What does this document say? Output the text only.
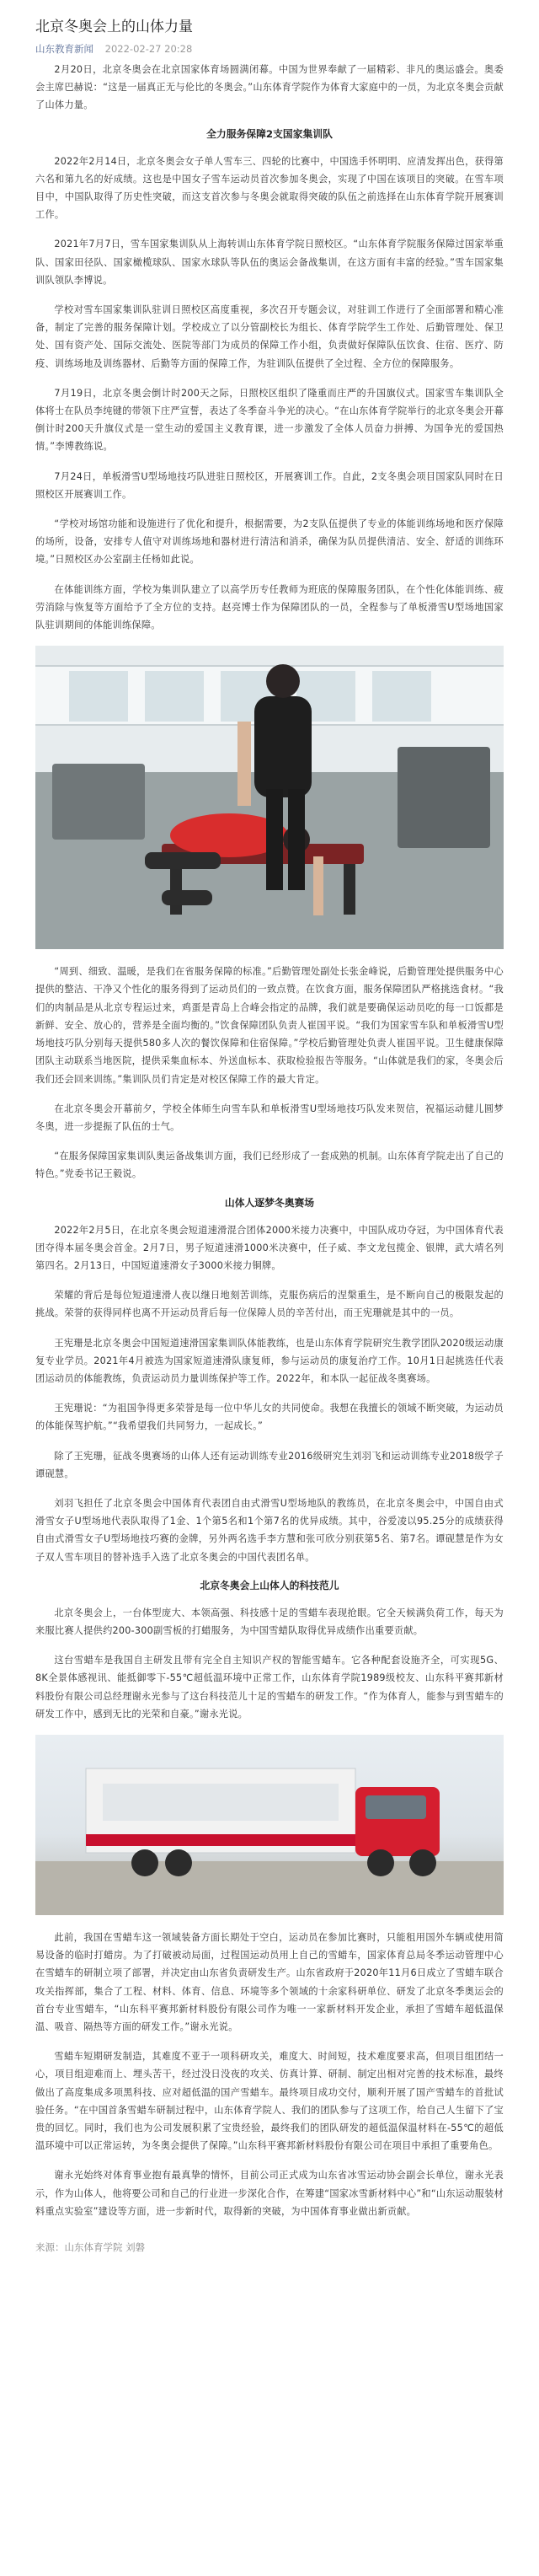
北京冬奥会上的山体力量
山东教育新闻 2022-02-27 20:28

2月20日，北京冬奥会在北京国家体育场圆满闭幕。中国为世界奉献了一届精彩、非凡的奥运盛会。奥委会主席巴赫说：“这是一届真正无与伦比的冬奥会。”山东体育学院作为体育大家庭中的一员，为北京冬奥会贡献了山体力量。

全力服务保障2支国家集训队

2022年2月14日，北京冬奥会女子单人雪车三、四轮的比赛中，中国选手怀明明、应清发挥出色，获得第六名和第九名的好成绩。这也是中国女子雪车运动员首次参加冬奥会，实现了中国在该项目的突破。在雪车项目中，中国队取得了历史性突破，而这支首次参与冬奥会就取得突破的队伍之前选择在山东体育学院开展赛训工作。

2021年7月7日，雪车国家集训队从上海转训山东体育学院日照校区。“山东体育学院服务保障过国家举重队、国家田径队、国家橄榄球队、国家水球队等队伍的奥运会备战集训，在这方面有丰富的经验。”雪车国家集训队领队李博说。

学校对雪车国家集训队驻训日照校区高度重视，多次召开专题会议，对驻训工作进行了全面部署和精心准备，制定了完善的服务保障计划。学校成立了以分管副校长为组长、体育学院学生工作处、后勤管理处、保卫处、国有资产处、国际交流处、医院等部门为成员的保障工作小组，负责做好保障队伍饮食、住宿、医疗、防疫、训练场地及训练器材、后勤等方面的保障工作，为驻训队伍提供了全过程、全方位的保障服务。

7月19日，北京冬奥会倒计时200天之际，日照校区组织了隆重而庄严的升国旗仪式。国家雪车集训队全体将士在队员李纯键的带领下庄严宣誓，表达了冬季奋斗争光的决心。“在山东体育学院举行的北京冬奥会开幕倒计时200天升旗仪式是一堂生动的爱国主义教育课，进一步激发了全体人员奋力拼搏、为国争光的爱国热情。”李博教练说。

7月24日，单板滑雪U型场地技巧队进驻日照校区，开展赛训工作。自此，2支冬奥会项目国家队同时在日照校区开展赛训工作。

“学校对场馆功能和设施进行了优化和提升，根据需要，为2支队伍提供了专业的体能训练场地和医疗保障的场所，设备，安排专人值守对训练场地和器材进行清洁和消杀，确保为队员提供清洁、安全、舒适的训练环境。”日照校区办公室副主任杨如此说。

在体能训练方面，学校为集训队建立了以高学历专任教师为班底的保障服务团队，在个性化体能训练、疲劳消除与恢复等方面给予了全方位的支持。赵亮博士作为保障团队的一员，全程参与了单板滑雪U型场地国家队驻训期间的体能训练保障。

“周到、细致、温暖，是我们在省服务保障的标准。”后勤管理处副处长张金峰说，后勤管理处提供服务中心提供的整洁、干净又个性化的服务得到了运动员们的一致点赞。在饮食方面，服务保障团队严格挑选食材。“我们的肉制品是从北京专程运过来，鸡蛋是青岛上合峰会指定的品牌，我们就是要确保运动员吃的每一口饭都是新鲜、安全、放心的，营养是全面均衡的。”饮食保障团队负责人崔国平说。“我们为国家雪车队和单板滑雪U型场地技巧队分别每天提供580多人次的餐饮保障和住宿保障。”学校后勤管理处负责人崔国平说。卫生健康保障团队主动联系当地医院，提供采集血标本、外送血标本、获取检验报告等服务。“山体就是我们的家，冬奥会后我们还会回来训练。”集训队员们肯定是对校区保障工作的最大肯定。

在北京冬奥会开幕前夕，学校全体师生向雪车队和单板滑雪U型场地技巧队发来贺信，祝福运动健儿圆梦冬奥，进一步提振了队伍的士气。

“在服务保障国家集训队奥运备战集训方面，我们已经形成了一套成熟的机制。山东体育学院走出了自己的特色。”党委书记王毅说。

山体人逐梦冬奥赛场

2022年2月5日，在北京冬奥会短道速滑混合团体2000米接力决赛中，中国队成功夺冠，为中国体育代表团夺得本届冬奥会首金。2月7日，男子短道速滑1000米决赛中，任子威、李文龙包揽金、银牌，武大靖名列第四名。2月13日，中国短道速滑女子3000米接力铜牌。

荣耀的背后是每位短道速滑人夜以继日地刻苦训练，克服伤病后的涅槃重生，是不断向自己的极限发起的挑战。荣誉的获得同样也离不开运动员背后每一位保障人员的辛苦付出，而王宪珊就是其中的一员。

王宪珊是北京冬奥会中国短道速滑国家集训队体能教练，也是山东体育学院研究生教学团队2020级运动康复专业学员。2021年4月被选为国家短道速滑队康复师，参与运动员的康复治疗工作。10月1日起挑选任代表团运动员的体能教练，负责运动员力量训练保护等工作。2022年，和本队一起征战冬奥赛场。

王宪珊说：“为祖国争得更多荣誉是每一位中华儿女的共同使命。我想在我擅长的领域不断突破，为运动员的体能保驾护航。”“我希望我们共同努力，一起成长。”

除了王宪珊，征战冬奥赛场的山体人还有运动训练专业2016级研究生刘羽飞和运动训练专业2018级学子谭砚慧。

刘羽飞担任了北京冬奥会中国体育代表团自由式滑雪U型场地队的教练员，在北京冬奥会中，中国自由式滑雪女子U型场地代表队取得了1金、1个第5名和1个第7名的优异成绩。其中，谷爱凌以95.25分的成绩获得自由式滑雪女子U型场地技巧赛的金牌，另外两名选手李方慧和张可欣分别获第5名、第7名。谭砚慧是作为女子双人雪车项目的替补选手入选了北京冬奥会的中国代表团名单。

北京冬奥会上山体人的科技范儿

北京冬奥会上，一台体型庞大、本领高强、科技感十足的雪蜡车表现抢眼。它全天候满负荷工作，每天为来服比赛人提供约200-300副雪板的打蜡服务，为中国雪蜡队取得优异成绩作出重要贡献。

这台雪蜡车是我国自主研发且带有完全自主知识产权的智能雪蜡车。它各种配套设施齐全，可实现5G、8K全景体感视讯、能抵御零下-55℃超低温环境中正常工作，山东体育学院1989级校友、山东科平赛邦新材料股份有限公司总经理谢永光参与了这台科技范儿十足的雪蜡车的研发工作。“作为体育人，能参与到雪蜡车的研发工作中，感到无比的光荣和自豪。”谢永光说。

此前，我国在雪蜡车这一领域装备方面长期处于空白，运动员在参加比赛时，只能租用国外车辆或使用简易设备的临时打蜡房。为了打破被动局面，过程国运动员用上自己的雪蜡车，国家体育总局冬季运动管理中心在雪蜡车的研制立项了部署，并决定由山东省负责研发生产。山东省政府于2020年11月6日成立了雪蜡车联合攻关指挥部，集合了工程、材料、体育、信息、环境等多个领域的十余家科研单位、研发了北京冬季奥运会的首台专业雪蜡车，“山东科平赛邦新材料股份有限公司作为唯一一家新材料开发企业，承担了雪蜡车超低温保温、吸音、隔热等方面的研发工作。”谢永光说。

雪蜡车短期研发制造，其难度不亚于一项科研攻关，难度大、时间短，技术难度要求高，但项目组团结一心，项目组迎难而上、埋头苦干，经过没日没夜的攻关、仿真计算、研制、制定出相对完善的技术标准，最终做出了高度集成多项黑科技、应对超低温的国产雪蜡车。最终项目成功交付，顺利开展了国产雪蜡车的首批试验任务。“在中国首条雪蜡车研制过程中，山东体育学院人、我们的团队参与了这项工作，给自己人生留下了宝贵的回忆。同时，我们也为公司发展积累了宝贵经验，最终我们的团队研发的超低温保温材料在-55℃的超低温环境中可以正常运转，为冬奥会提供了保障。”山东科平赛邦新材料股份有限公司在项目中承担了重要角色。

谢永光始终对体育事业抱有最真挚的情怀，目前公司正式成为山东省冰雪运动协会副会长单位，谢永光表示，作为山体人，他将要公司和自己的行业进一步深化合作，在筹建“国家冰雪新材料中心”和“山东运动服装材料重点实验室”建设等方面，进一步新时代，取得新的突破，为中国体育事业做出新贡献。

来源：山东体育学院 刘磐
